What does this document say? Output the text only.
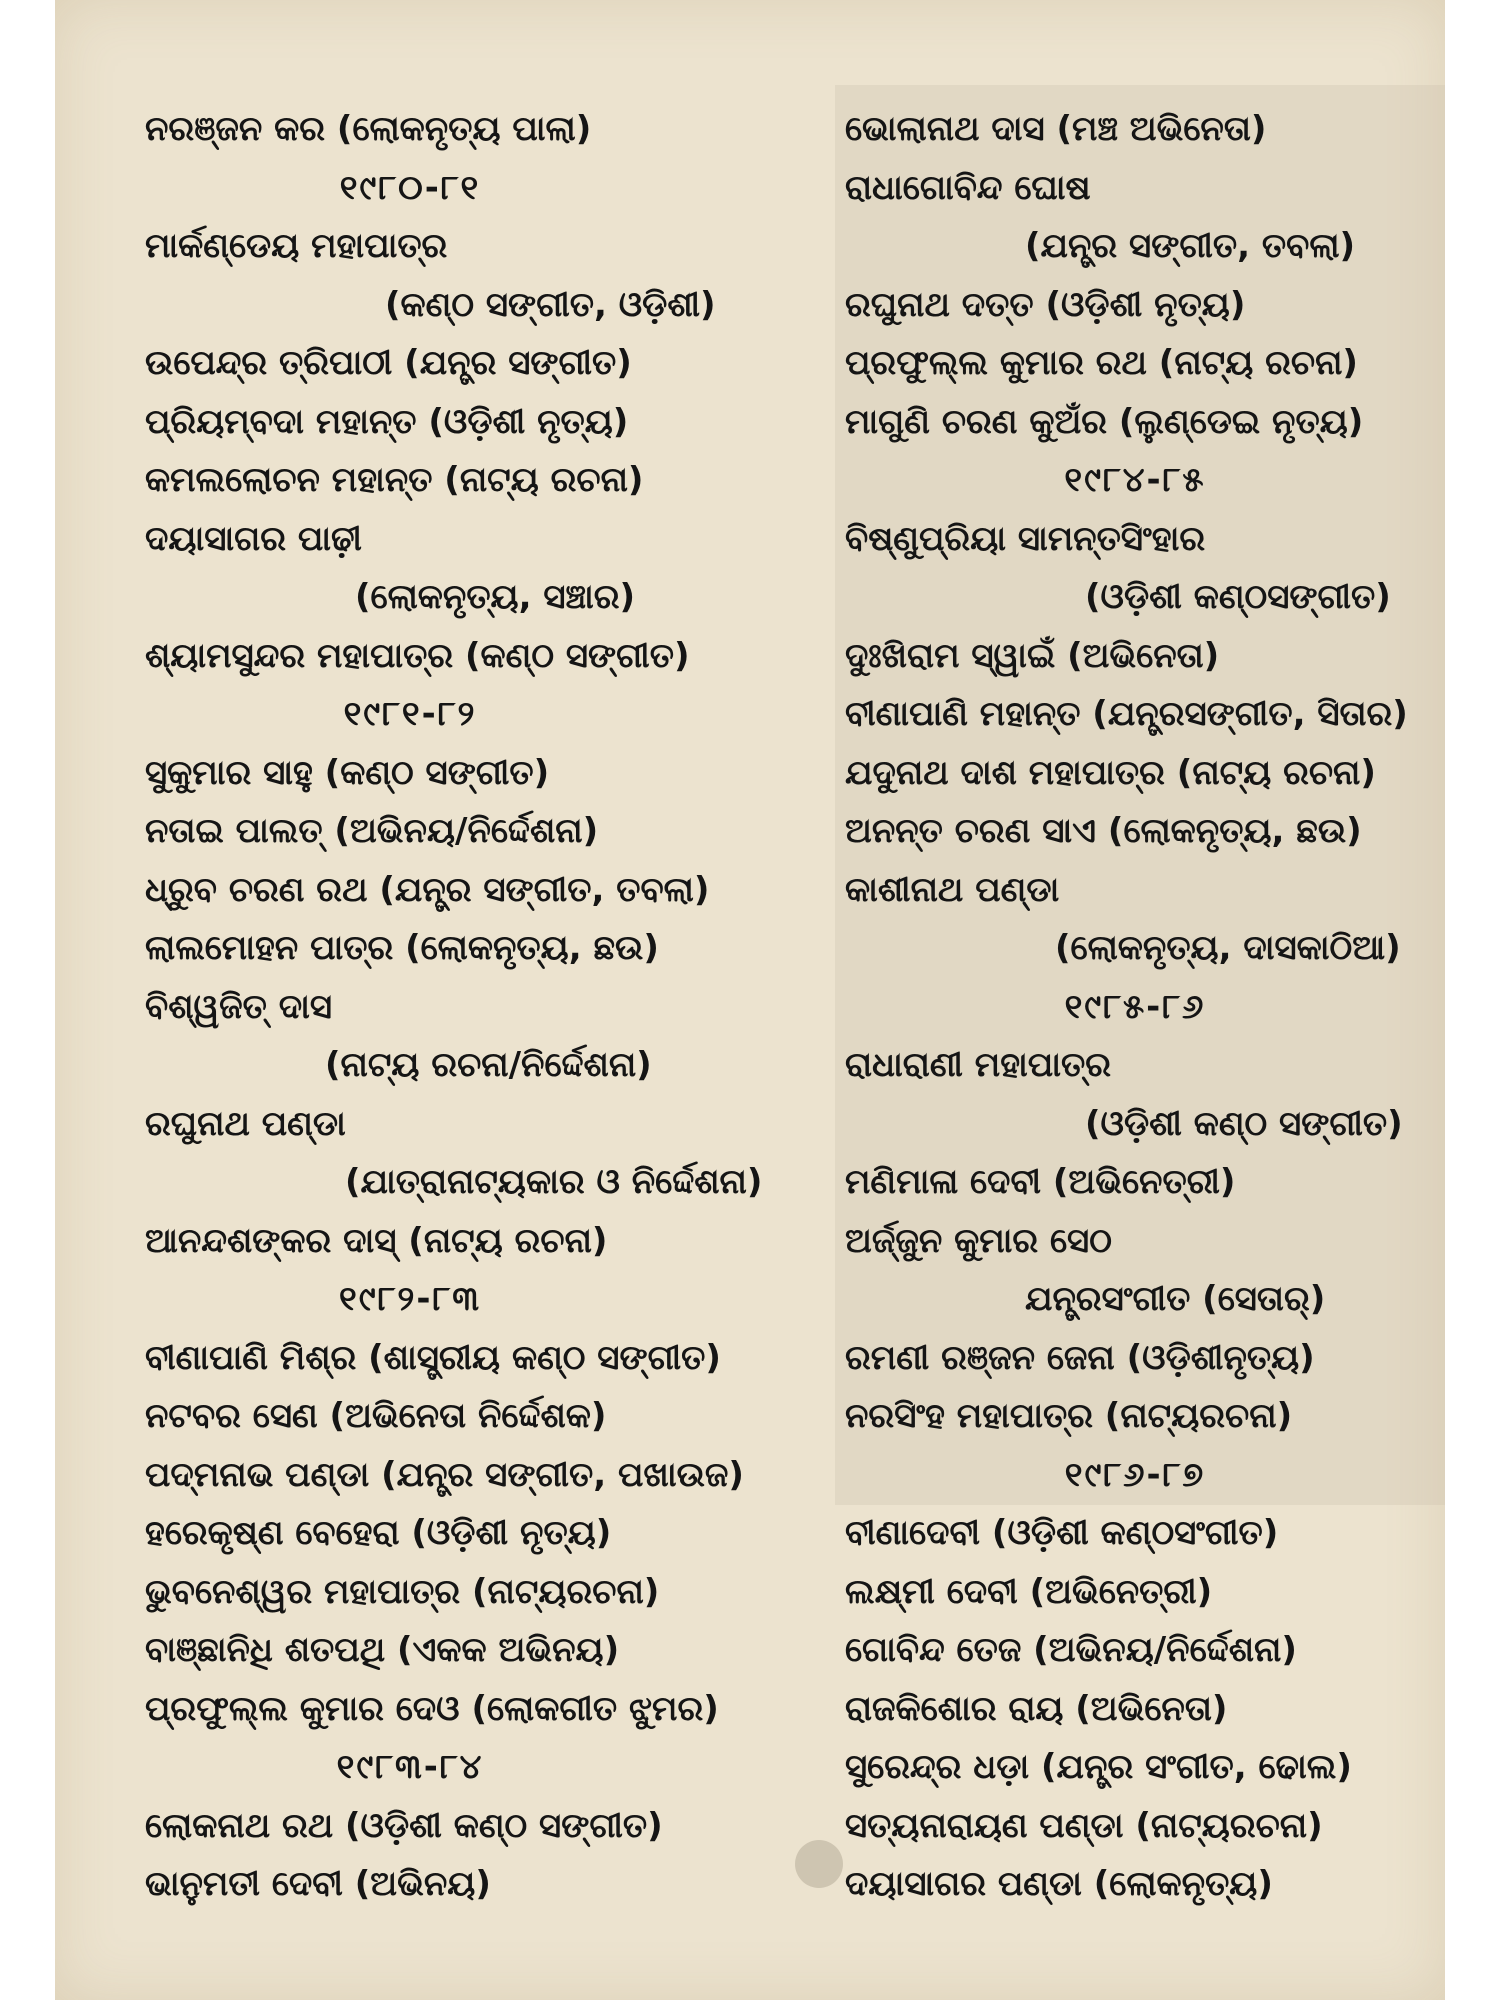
ନରଞ୍ଜନ କର (ଲୋକନୃତ୍ୟ ପାଲା)
୧୯୮୦-୮୧
ମାର୍କଣ୍ଡେୟ ମହାପାତ୍ର
(କଣ୍ଠ ସଙ୍ଗୀତ, ଓଡ଼ିଶୀ)
ଉପେନ୍ଦ୍ର ତ୍ରିପାଠୀ (ଯନ୍ତ୍ର ସଙ୍ଗୀତ)
ପ୍ରିୟମ୍ବଦା ମହାନ୍ତ (ଓଡ଼ିଶୀ ନୃତ୍ୟ)
କମଲଲୋଚନ ମହାନ୍ତ (ନାଟ୍ୟ ରଚନା)
ଦୟାସାଗର ପାଢ଼ୀ
(ଲୋକନୃତ୍ୟ, ସଞ୍ଚାର)
ଶ୍ୟାମସୁନ୍ଦର ମହାପାତ୍ର (କଣ୍ଠ ସଙ୍ଗୀତ)
୧୯୮୧-୮୨
ସୁକୁମାର ସାହୁ (କଣ୍ଠ ସଙ୍ଗୀତ)
ନତାଇ ପାଲତ୍ (ଅଭିନୟ/ନିର୍ଦ୍ଦେଶନା)
ଧ୍ରୁବ ଚରଣ ରଥ (ଯନ୍ତ୍ର ସଙ୍ଗୀତ, ତବଲା)
ଲାଲମୋହନ ପାତ୍ର (ଲୋକନୃତ୍ୟ, ଛଉ)
ବିଶ୍ୱଜିତ୍ ଦାସ
(ନାଟ୍ୟ ରଚନା/ନିର୍ଦ୍ଦେଶନା)
ରଘୁନାଥ ପଣ୍ଡା
(ଯାତ୍ରାନାଟ୍ୟକାର ଓ ନିର୍ଦ୍ଦେଶନା)
ଆନନ୍ଦଶଙ୍କର ଦାସ୍ (ନାଟ୍ୟ ରଚନା)
୧୯୮୨-୮୩
ବୀଣାପାଣି ମିଶ୍ର (ଶାସ୍ତ୍ରୀୟ କଣ୍ଠ ସଙ୍ଗୀତ)
ନଟବର ସେଣ (ଅଭିନେତା ନିର୍ଦ୍ଦେଶକ)
ପଦ୍ମନାଭ ପଣ୍ଡା (ଯନ୍ତ୍ର ସଙ୍ଗୀତ, ପଖାଉଜ)
ହରେକୃଷ୍ଣ ବେହେରା (ଓଡ଼ିଶୀ ନୃତ୍ୟ)
ଭୁବନେଶ୍ୱର ମହାପାତ୍ର (ନାଟ୍ୟରଚନା)
ବାଞ୍ଛାନିଧି ଶତପଥି (ଏକକ ଅଭିନୟ)
ପ୍ରଫୁଲ୍ଲ କୁମାର ଦେଓ (ଲୋକଗୀତ ଝୁମର)
୧୯୮୩-୮୪
ଲୋକନାଥ ରଥ (ଓଡ଼ିଶୀ କଣ୍ଠ ସଙ୍ଗୀତ)
ଭାନୁମତୀ ଦେବୀ (ଅଭିନୟ)
ଭୋଲାନାଥ ଦାସ (ମଞ୍ଚ ଅଭିନେତା)
ରାଧାଗୋବିନ୍ଦ ଘୋଷ
(ଯନ୍ତ୍ର ସଙ୍ଗୀତ, ତବଲା)
ରଘୁନାଥ ଦତ୍ତ (ଓଡ଼ିଶୀ ନୃତ୍ୟ)
ପ୍ରଫୁଲ୍ଲ କୁମାର ରଥ (ନାଟ୍ୟ ରଚନା)
ମାଗୁଣି ଚରଣ କୁଅଁର (ଲୁଣ୍ଡେଇ ନୃତ୍ୟ)
୧୯୮୪-୮୫
ବିଷ୍ଣୁପ୍ରିୟା ସାମନ୍ତସିଂହାର
(ଓଡ଼ିଶୀ କଣ୍ଠସଙ୍ଗୀତ)
ଦୁଃଖିରାମ ସ୍ୱାଇଁ (ଅଭିନେତା)
ବୀଣାପାଣି ମହାନ୍ତ (ଯନ୍ତ୍ରସଙ୍ଗୀତ, ସିତାର)
ଯଦୁନାଥ ଦାଶ ମହାପାତ୍ର (ନାଟ୍ୟ ରଚନା)
ଅନନ୍ତ ଚରଣ ସାଏ (ଲୋକନୃତ୍ୟ, ଛଉ)
କାଶୀନାଥ ପଣ୍ଡା
(ଲୋକନୃତ୍ୟ, ଦାସକାଠିଆ)
୧୯୮୫-୮୬
ରାଧାରାଣୀ ମହାପାତ୍ର
(ଓଡ଼ିଶୀ କଣ୍ଠ ସଙ୍ଗୀତ)
ମଣିମାଳା ଦେବୀ (ଅଭିନେତ୍ରୀ)
ଅର୍ଜ୍ଜୁନ କୁମାର ସେଠ
ଯନ୍ତ୍ରସଂଗୀତ (ସେତାର୍)
ରମଣୀ ରଞ୍ଜନ ଜେନା (ଓଡ଼ିଶୀନୃତ୍ୟ)
ନରସିଂହ ମହାପାତ୍ର (ନାଟ୍ୟରଚନା)
୧୯୮୬-୮୭
ବୀଣାଦେବୀ (ଓଡ଼ିଶୀ କଣ୍ଠସଂଗୀତ)
ଲକ୍ଷ୍ମୀ ଦେବୀ (ଅଭିନେତ୍ରୀ)
ଗୋବିନ୍ଦ ତେଜ (ଅଭିନୟ/ନିର୍ଦ୍ଦେଶନା)
ରାଜକିଶୋର ରାୟ (ଅଭିନେତା)
ସୁରେନ୍ଦ୍ର ଧଡ଼ା (ଯନ୍ତ୍ର ସଂଗୀତ, ଢୋଲ)
ସତ୍ୟନାରାୟଣ ପଣ୍ଡା (ନାଟ୍ୟରଚନା)
ଦୟାସାଗର ପଣ୍ଡା (ଲୋକନୃତ୍ୟ)
